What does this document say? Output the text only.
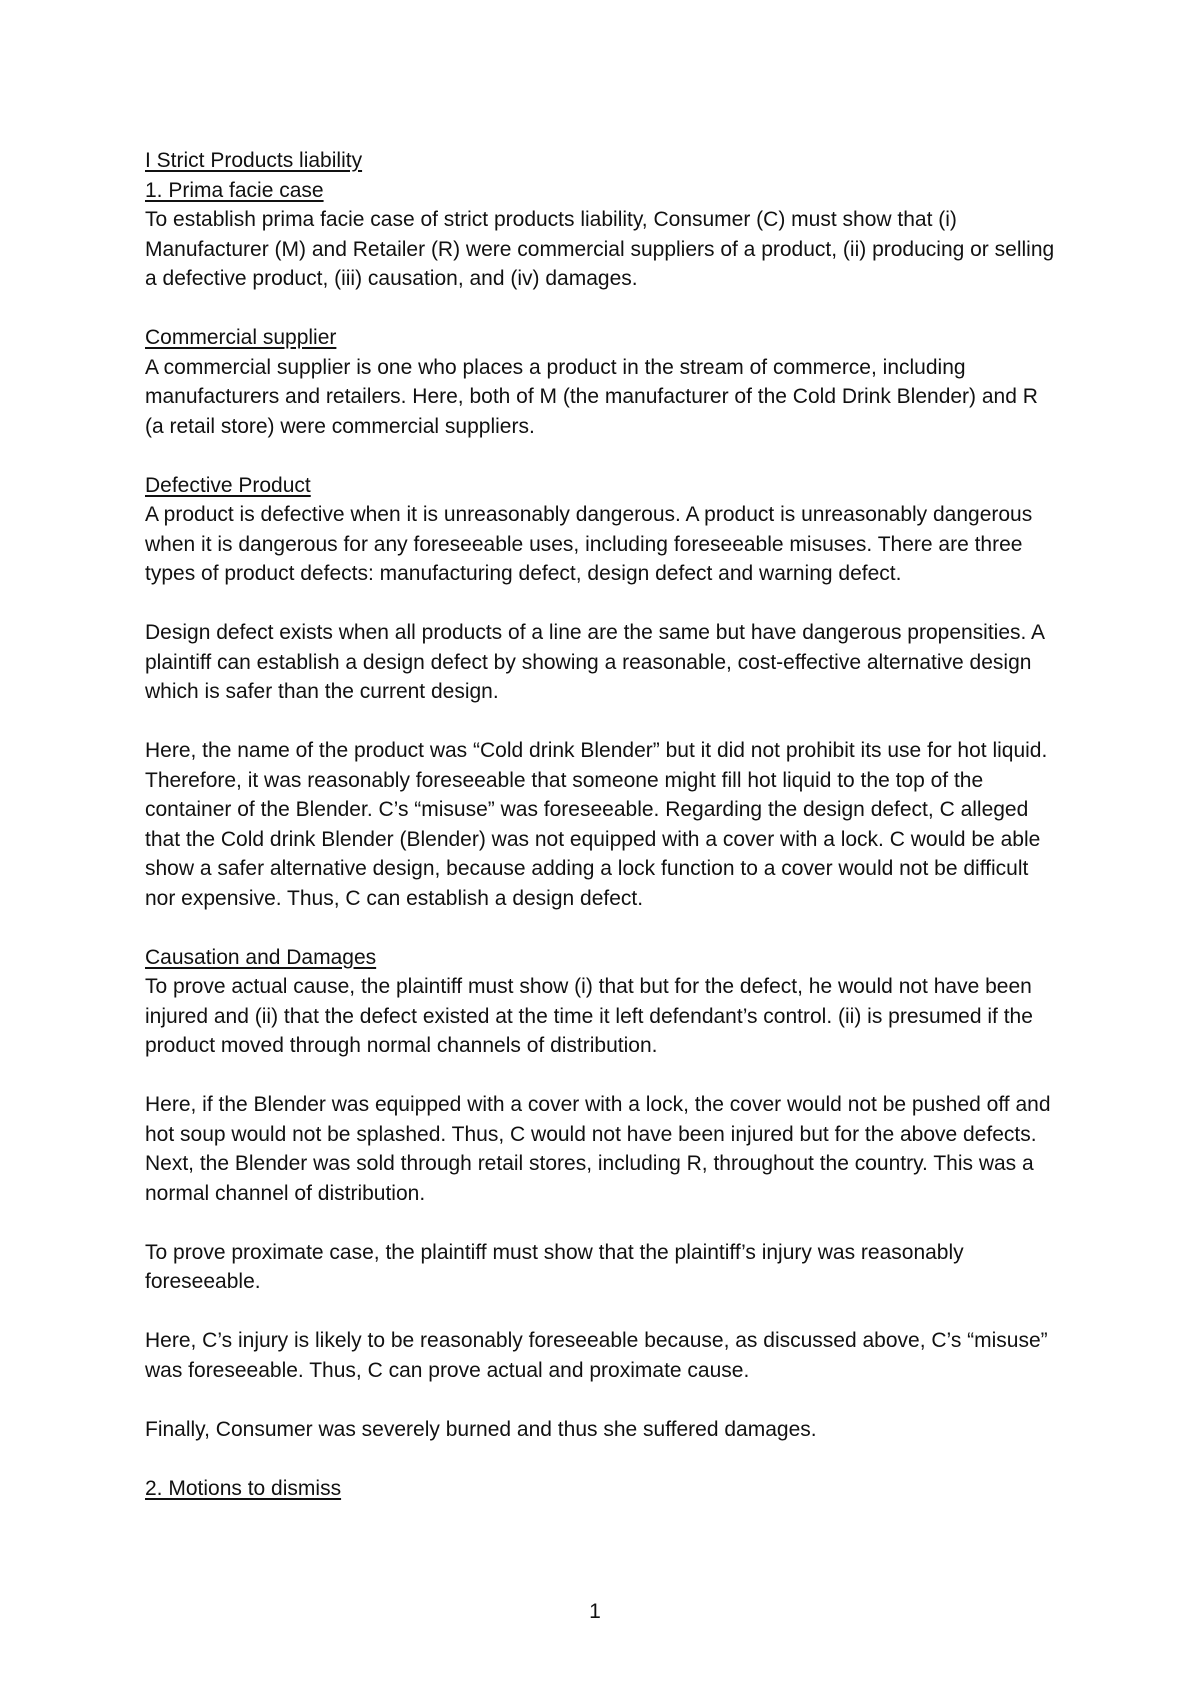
I Strict Products liability

1. Prima facie case

To establish prima facie case of strict products liability, Consumer (C) must show that (i) Manufacturer (M) and Retailer (R) were commercial suppliers of a product, (ii) producing or selling a defective product, (iii) causation, and (iv) damages.

Commercial supplier

A commercial supplier is one who places a product in the stream of commerce, including manufacturers and retailers. Here, both of M (the manufacturer of the Cold Drink Blender) and R (a retail store) were commercial suppliers.

Defective Product

A product is defective when it is unreasonably dangerous. A product is unreasonably dangerous when it is dangerous for any foreseeable uses, including foreseeable misuses. There are three types of product defects: manufacturing defect, design defect and warning defect.

Design defect exists when all products of a line are the same but have dangerous propensities. A plaintiff can establish a design defect by showing a reasonable, cost-effective alternative design which is safer than the current design.

Here, the name of the product was “Cold drink Blender” but it did not prohibit its use for hot liquid. Therefore, it was reasonably foreseeable that someone might fill hot liquid to the top of the container of the Blender. C’s “misuse” was foreseeable. Regarding the design defect, C alleged that the Cold drink Blender (Blender) was not equipped with a cover with a lock. C would be able show a safer alternative design, because adding a lock function to a cover would not be difficult nor expensive. Thus, C can establish a design defect.

Causation and Damages

To prove actual cause, the plaintiff must show (i) that but for the defect, he would not have been injured and (ii) that the defect existed at the time it left defendant’s control. (ii) is presumed if the product moved through normal channels of distribution.

Here, if the Blender was equipped with a cover with a lock, the cover would not be pushed off and hot soup would not be splashed. Thus, C would not have been injured but for the above defects. Next, the Blender was sold through retail stores, including R, throughout the country. This was a normal channel of distribution.

To prove proximate case, the plaintiff must show that the plaintiff’s injury was reasonably foreseeable.

Here, C’s injury is likely to be reasonably foreseeable because, as discussed above, C’s “misuse” was foreseeable. Thus, C can prove actual and proximate cause.

Finally, Consumer was severely burned and thus she suffered damages.

2. Motions to dismiss

1
